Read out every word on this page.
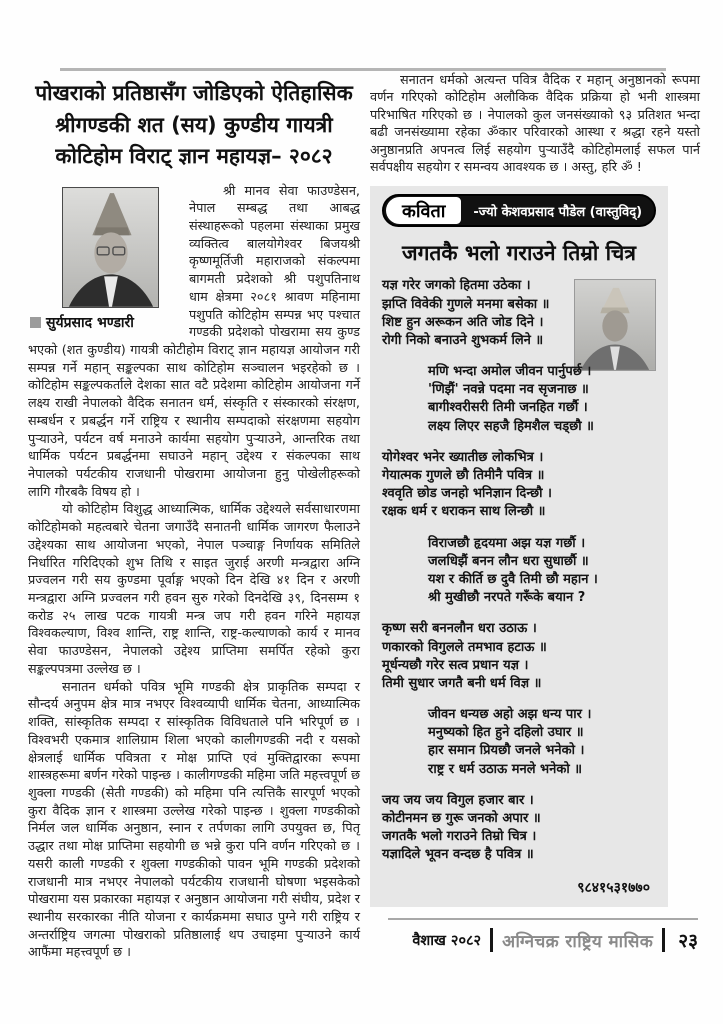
पोखराको प्रतिष्ठासँग जोडिएको ऐतिहासिक श्रीगण्डकी शत (सय) कुण्डीय गायत्री कोटिहोम विराट् ज्ञान महायज्ञ– २०८२
सुर्यप्रसाद भण्डारी

श्री मानव सेवा फाउण्डेसन, नेपाल सम्बद्ध तथा आबद्ध संस्थाहरूको पहलमा संस्थाका प्रमुख व्यक्तित्व बालयोगेश्वर बिजयश्री कृष्णमूर्तिजी महाराजको संकल्पमा बागमती प्रदेशको श्री पशुपतिनाथ धाम क्षेत्रमा २०८१ श्रावण महिनामा पशुपति कोटिहोम सम्पन्न भए पश्चात गण्डकी प्रदेशको पोखरामा सय कुण्ड भएको (शत कुण्डीय) गायत्री कोटीहोम विराट् ज्ञान महायज्ञ आयोजन गरी सम्पन्न गर्ने महान् सङ्कल्पका साथ कोटिहोम सञ्चालन भइरहेको छ । कोटिहोम सङ्कल्पकर्ताले देशका सात वटै प्रदेशमा कोटिहोम आयोजना गर्ने लक्ष्य राखी नेपालको वैदिक सनातन धर्म, संस्कृति र संस्कारको संरक्षण, सम्बर्धन र प्रबर्द्धन गर्ने राष्ट्रिय र स्थानीय सम्पदाको संरक्षणमा सहयोग पुऱ्याउने, पर्यटन वर्ष मनाउने कार्यमा सहयोग पुऱ्याउने, आन्तरिक तथा धार्मिक पर्यटन प्रबर्द्धनमा सघाउने महान् उद्देश्य र संकल्पका साथ नेपालको पर्यटकीय राजधानी पोखरामा आयोजना हुनु पोखेलीहरूको लागि गौरबकै विषय हो ।

यो कोटिहोम विशुद्ध आध्यात्मिक, धार्मिक उद्देश्यले सर्वसाधारणमा कोटिहोमको महत्वबारे चेतना जगाउँदै सनातनी धार्मिक जागरण फैलाउने उद्देश्यका साथ आयोजना भएको, नेपाल पञ्चाङ्ग निर्णायक समितिले निर्धारित गरिदिएको शुभ तिथि र साइत जुराई अरणी मन्त्रद्वारा अग्नि प्रज्वलन गरी सय कुण्डमा पूर्वाङ्ग भएको दिन देखि ४१ दिन र अरणी मन्त्रद्वारा अग्नि प्रज्वलन गरी हवन सुरु गरेको दिनदेखि ३९, दिनसम्म १ करोड २५ लाख पटक गायत्री मन्त्र जप गरी हवन गरिने महायज्ञ विश्वकल्याण, विश्व शान्ति, राष्ट्र शान्ति, राष्ट्र-कल्याणको कार्य र मानव सेवा फाउण्डेसन, नेपालको उद्देश्य प्राप्तिमा समर्पित रहेको कुरा सङ्कल्पपत्रमा उल्लेख छ ।

सनातन धर्मको पवित्र भूमि गण्डकी क्षेत्र प्राकृतिक सम्पदा र सौन्दर्य अनुपम क्षेत्र मात्र नभएर विश्वव्यापी धार्मिक चेतना, आध्यात्मिक शक्ति, सांस्कृतिक सम्पदा र सांस्कृतिक विविधताले पनि भरिपूर्ण छ । विश्वभरी एकमात्र शालिग्राम शिला भएको कालीगण्डकी नदी र यसको क्षेत्रलाई धार्मिक पवित्रता र मोक्ष प्राप्ति एवं मुक्तिद्वारका रूपमा शास्त्रहरूमा बर्णन गरेको पाइन्छ । कालीगण्डकी महिमा जति महत्त्वपूर्ण छ शुक्ला गण्डकी (सेती गण्डकी) को महिमा पनि त्यत्तिकै सारपूर्ण भएको कुरा वैदिक ज्ञान र शास्त्रमा उल्लेख गरेको पाइन्छ । शुक्ला गण्डकीको निर्मल जल धार्मिक अनुष्ठान, स्नान र तर्पणका लागि उपयुक्त छ, पितृ उद्धार तथा मोक्ष प्राप्तिमा सहयोगी छ भन्ने कुरा पनि वर्णन गरिएको छ । यसरी काली गण्डकी र शुक्ला गण्डकीको पावन भूमि गण्डकी प्रदेशको राजधानी मात्र नभएर नेपालको पर्यटकीय राजधानी घोषणा भइसकेको पोखरामा यस प्रकारका महायज्ञ र अनुष्ठान आयोजना गरी संघीय, प्रदेश र स्थानीय सरकारका नीति योजना र कार्यक्रममा सघाउ पुग्ने गरी राष्ट्रिय र अन्तर्राष्ट्रिय जगत्मा पोखराको प्रतिष्ठालाई थप उचाइमा पुऱ्याउने कार्य आफैंमा महत्त्वपूर्ण छ ।

सनातन धर्मको अत्यन्त पवित्र वैदिक र महान् अनुष्ठानको रूपमा वर्णन गरिएको कोटिहोम अलौकिक वैदिक प्रक्रिया हो भनी शास्त्रमा परिभाषित गरिएको छ । नेपालको कुल जनसंख्याको ९३ प्रतिशत भन्दा बढी जनसंख्यामा रहेका ॐकार परिवारको आस्था र श्रद्धा रहने यस्तो अनुष्ठानप्रति अपनत्व लिई सहयोग पुऱ्याउँदै कोटिहोमलाई सफल पार्न सर्वपक्षीय सहयोग र समन्वय आवश्यक छ । अस्तु, हरि ॐ !

कविता	-ज्यो केशवप्रसाद पौडेल (वास्तुविद्)
जगतकै भलो गराउने तिम्रो चित्र
यज्ञ गरेर जगको हितमा उठेका ।
झप्ति विवेकी गुणले मनमा बसेका ॥
शिष्ट हुन अरूकन अति जोड दिने ।
रोगी निको बनाउने शुभकर्म लिने ॥
मणि भन्दा अमोल जीवन पार्नुपर्छ ।
'णिझैं' नवन्ने पदमा नव सृजनाछ ॥
बागीश्वरीसरी तिमी जनहित गर्छौ ।
लक्ष्य लिएर सहजै हिमशैल चड्छौ ॥
योगेश्वर भनेर ख्यातीछ लोकभित्र ।
गेयात्मक गुणले छौ तिमीनै पवित्र ॥
श्ववृति छोड जनहो भनिज्ञान दिन्छौ ।
रक्षक धर्म र धराकन साथ लिन्छौ ॥
विराजछौ हृदयमा अझ यज्ञ गर्छौ ।
जलधिझैं बनन लौन धरा सुधार्छौ ॥
यश र कीर्ति छ दुवै तिमी छौ महान ।
श्री मुखीछौ नरपते गरूँके बयान ?
कृष्ण सरी बननलौन धरा उठाऊ ।
णकारको विगुलले तमभाव हटाऊ ॥
मूर्धन्यछौ गरेर सत्व प्रधान यज्ञ ।
तिमी सुधार जगतै बनी धर्म विज्ञ ॥
जीवन धन्यछ अहो अझ धन्य पार ।
मनुष्यको हित हुने दहिलो उघार ॥
हार समान प्रियछौ जनले भनेको ।
राष्ट्र र धर्म उठाऊ मनले भनेको ॥
जय जय जय विगुल हजार बार ।
कोटीनमन छ गुरू जनको अपार ॥
जगतकै भलो गराउने तिम्रो चित्र ।
यज्ञादिले भूवन वन्दछ है पवित्र ॥
९८४१५३१७७०
वैशाख २०८२ अग्निचक्र राष्ट्रिय मासिक २३
